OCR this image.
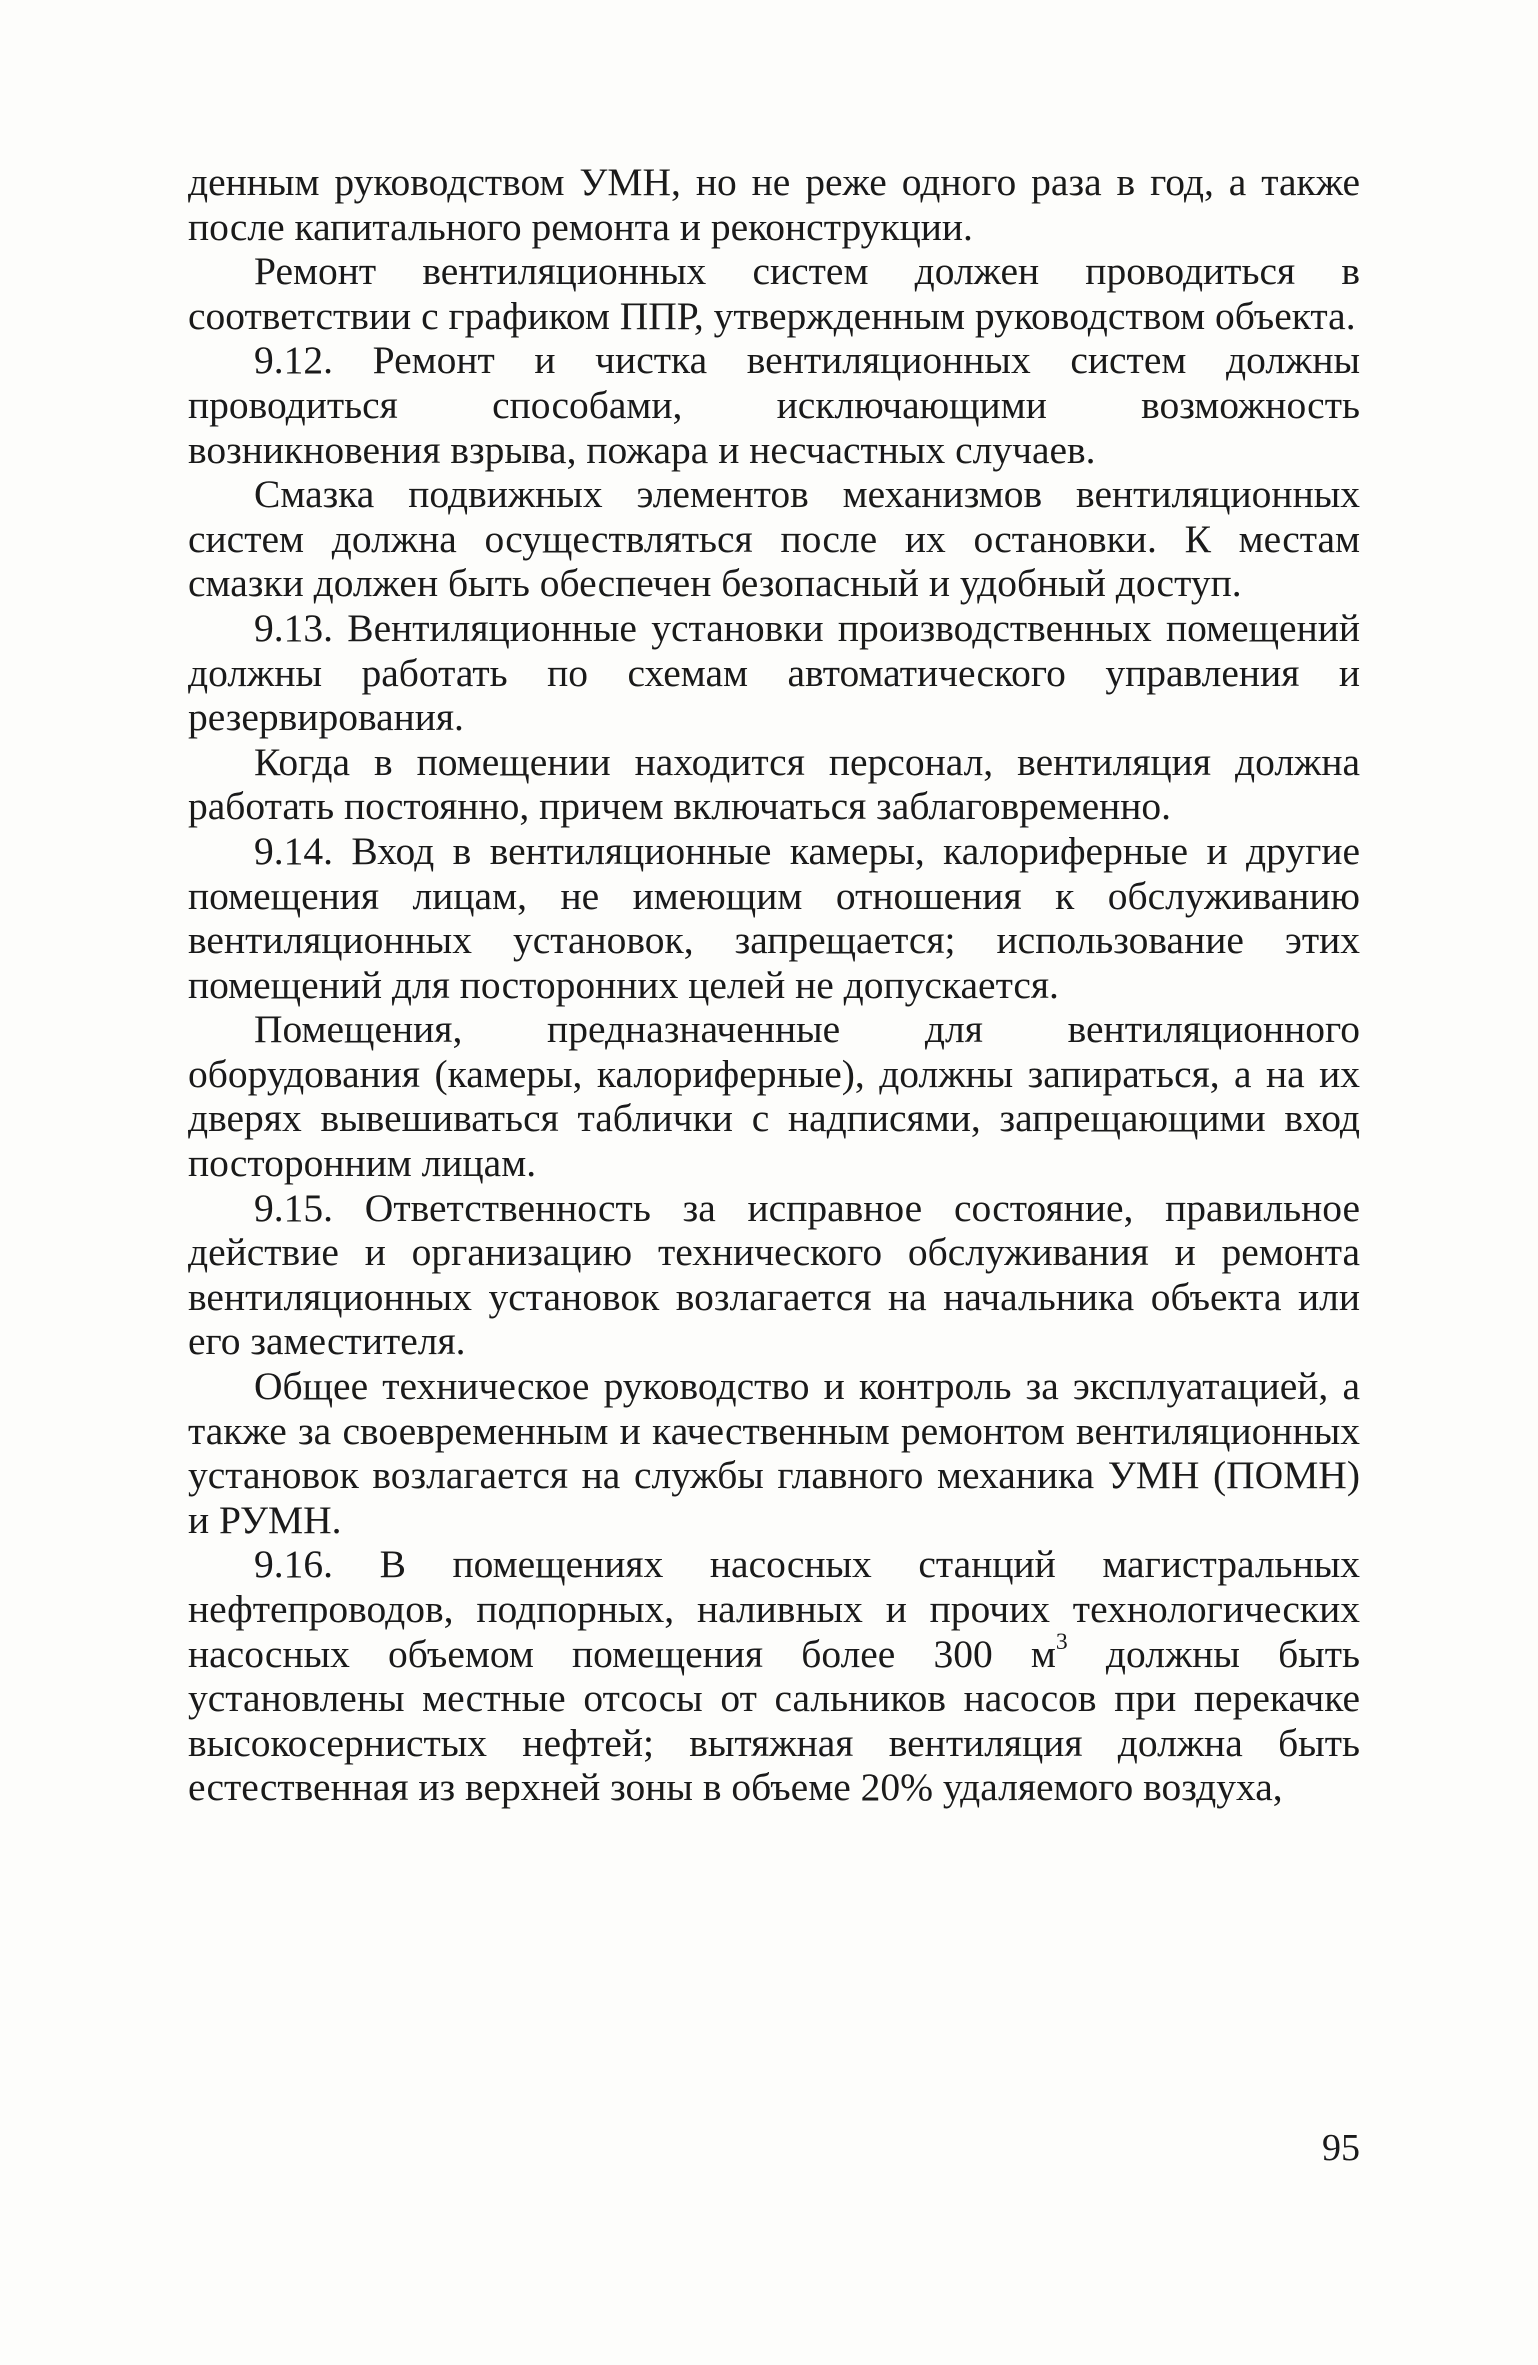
денным руководством УМН, но не реже одного раза в год, а также после капитального ремонта и реконструкции.

Ремонт вентиляционных систем должен проводиться в соответствии с графиком ППР, утвержденным руководством объекта.

9.12. Ремонт и чистка вентиляционных систем должны проводиться способами, исключающими возможность возникновения взрыва, пожара и несчастных случаев.

Смазка подвижных элементов механизмов вентиляционных систем должна осуществляться после их остановки. К местам смазки должен быть обеспечен безопасный и удобный доступ.

9.13. Вентиляционные установки производственных помещений должны работать по схемам автоматического управления и резервирования.

Когда в помещении находится персонал, вентиляция должна работать постоянно, причем включаться заблаговременно.

9.14. Вход в вентиляционные камеры, калориферные и другие помещения лицам, не имеющим отношения к обслуживанию вентиляционных установок, запрещается; использование этих помещений для посторонних целей не допускается.

Помещения, предназначенные для вентиляционного оборудования (камеры, калориферные), должны запираться, а на их дверях вывешиваться таблички с надписями, запрещающими вход посторонним лицам.

9.15. Ответственность за исправное состояние, правильное действие и организацию технического обслуживания и ремонта вентиляционных установок возлагается на начальника объекта или его заместителя.

Общее техническое руководство и контроль за эксплуатацией, а также за своевременным и качественным ремонтом вентиляционных установок возлагается на службы главного механика УМН (ПОМН) и РУМН.

9.16. В помещениях насосных станций магистральных нефтепроводов, подпорных, наливных и прочих технологических насосных объемом помещения более 300 $м^3$ должны быть установлены местные отсосы от сальников насосов при перекачке высокосернистых нефтей; вытяжная вентиляция должна быть естественная из верхней зоны в объеме 20% удаляемого воздуха,

95
